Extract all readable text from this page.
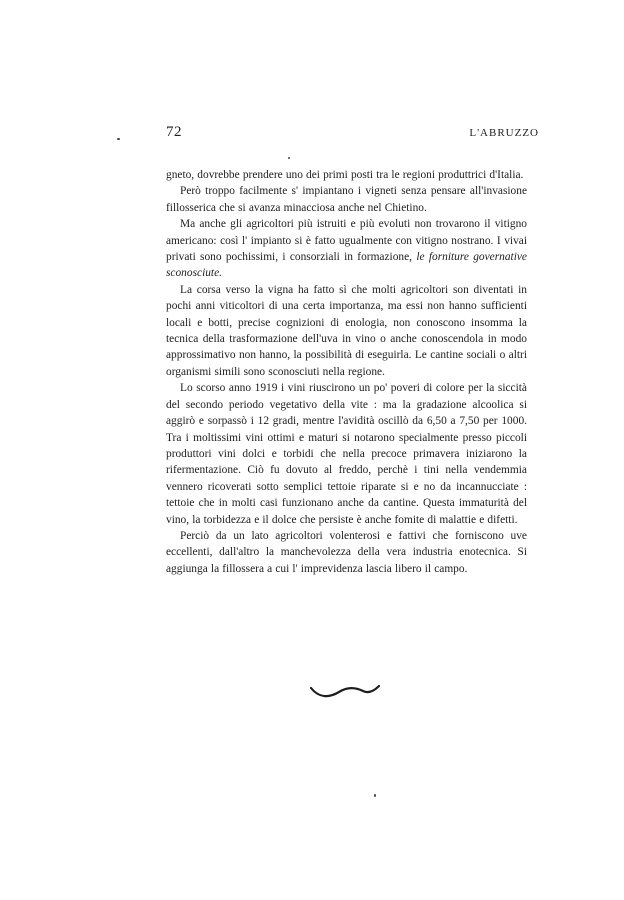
72	L'ABRUZZO

gneto, dovrebbe prendere uno dei primi posti tra le regioni produttrici d'Italia.

Però troppo facilmente s' impiantano i vigneti senza pensare all'invasione fillosserica che si avanza minacciosa anche nel Chietino.

Ma anche gli agricoltori più istruiti e più evoluti non trovarono il vitigno americano: così l' impianto si è fatto ugualmente con vitigno nostrano. I vivai privati sono pochissimi, i consorziali in formazione, le forniture governative sconosciute.

La corsa verso la vigna ha fatto sì che molti agricoltori son diventati in pochi anni viticoltori di una certa importanza, ma essi non hanno sufficienti locali e botti, precise cognizioni di enologia, non conoscono insomma la tecnica della trasformazione dell'uva in vino o anche conoscendola in modo approssimativo non hanno, la possibilità di eseguirla. Le cantine sociali o altri organismi simili sono sconosciuti nella regione.

Lo scorso anno 1919 i vini riuscirono un po' poveri di colore per la siccità del secondo periodo vegetativo della vite : ma la gradazione alcoolica si aggirò e sorpassò i 12 gradi, mentre l'avidità oscillò da 6,50 a 7,50 per 1000. Tra i moltissimi vini ottimi e maturi si notarono specialmente presso piccoli produttori vini dolci e torbidi che nella precoce primavera iniziarono la rifermentazione. Ciò fu dovuto al freddo, perchè i tini nella vendemmia vennero ricoverati sotto semplici tettoie riparate si e no da incannucciate : tettoie che in molti casi funzionano anche da cantine. Questa immaturità del vino, la torbidezza e il dolce che persiste è anche fomite di malattie e difetti.

Perciò da un lato agricoltori volenterosi e fattivi che forniscono uve eccellenti, dall'altro la manchevolezza della vera industria enotecnica. Si aggiunga la fillossera a cui l' imprevidenza lascia libero il campo.
